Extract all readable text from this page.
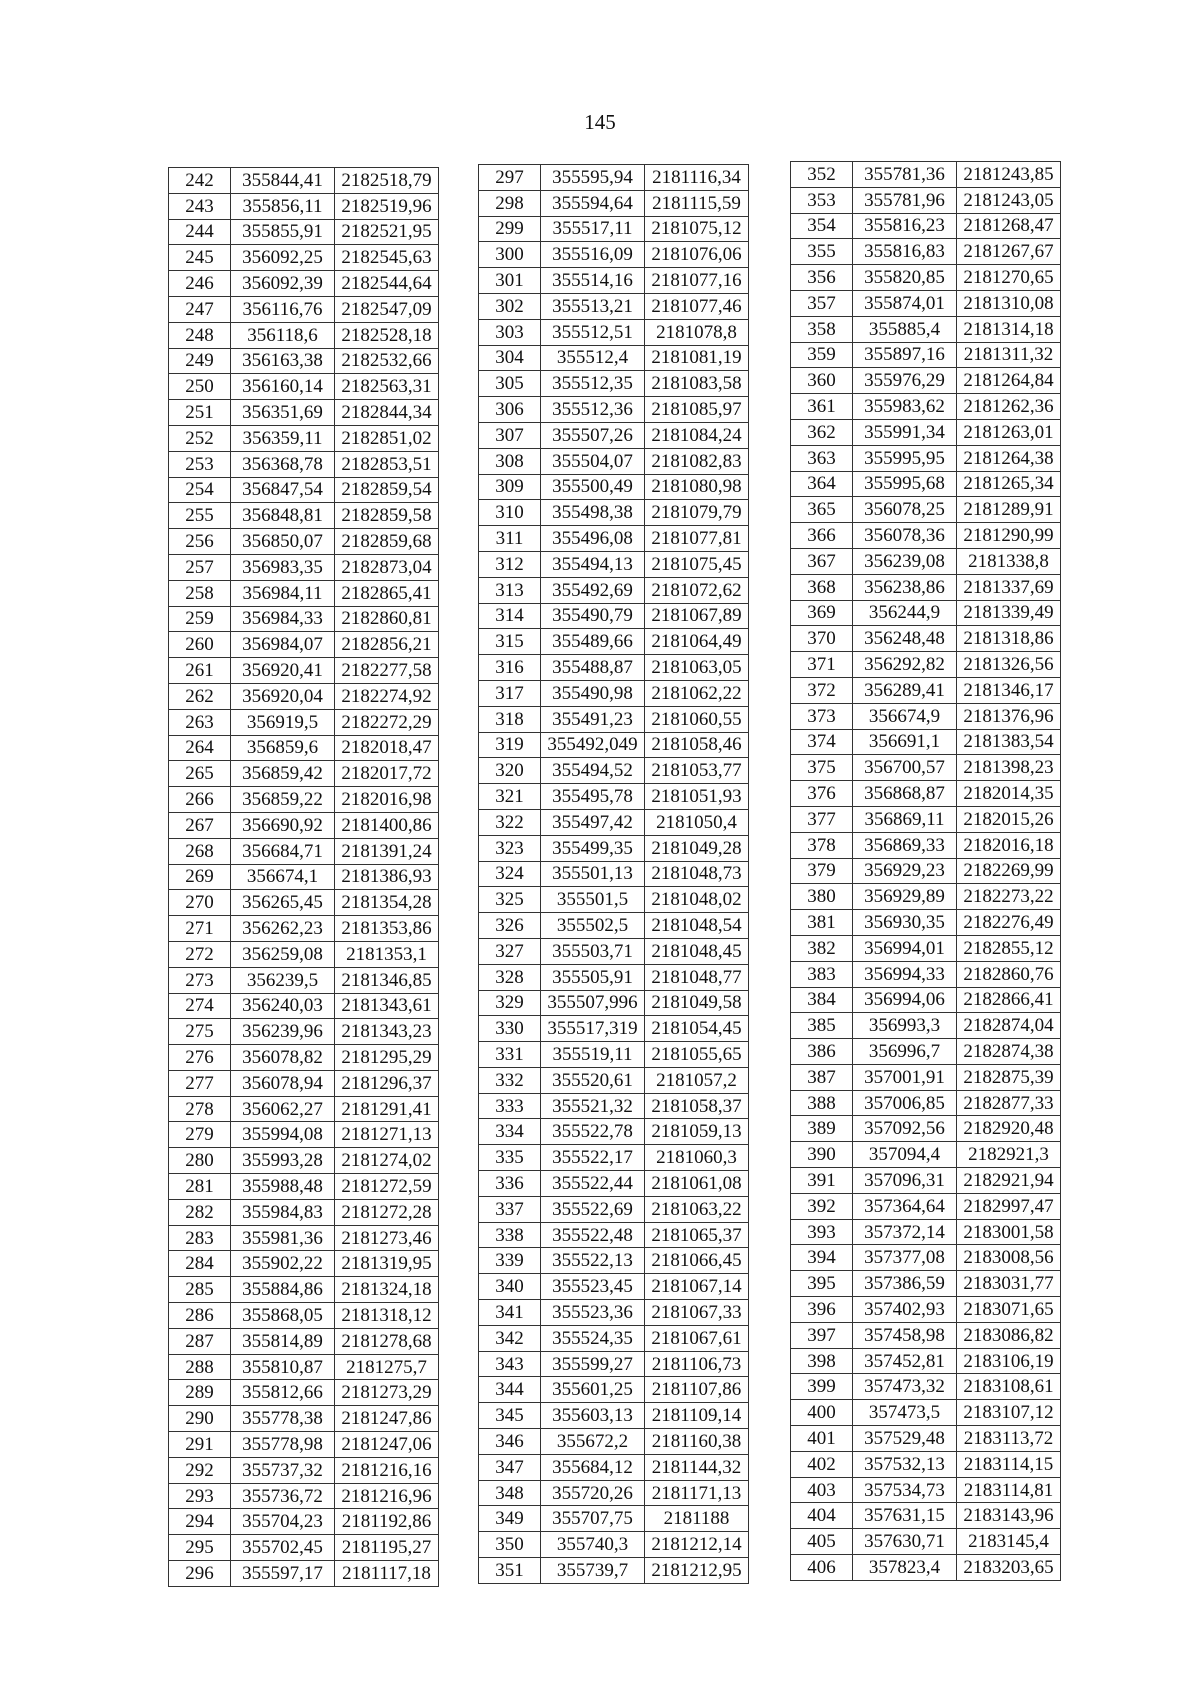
145
242	355844,41	2182518,79
243	355856,11	2182519,96
244	355855,91	2182521,95
245	356092,25	2182545,63
246	356092,39	2182544,64
247	356116,76	2182547,09
248	356118,6	2182528,18
249	356163,38	2182532,66
250	356160,14	2182563,31
251	356351,69	2182844,34
252	356359,11	2182851,02
253	356368,78	2182853,51
254	356847,54	2182859,54
255	356848,81	2182859,58
256	356850,07	2182859,68
257	356983,35	2182873,04
258	356984,11	2182865,41
259	356984,33	2182860,81
260	356984,07	2182856,21
261	356920,41	2182277,58
262	356920,04	2182274,92
263	356919,5	2182272,29
264	356859,6	2182018,47
265	356859,42	2182017,72
266	356859,22	2182016,98
267	356690,92	2181400,86
268	356684,71	2181391,24
269	356674,1	2181386,93
270	356265,45	2181354,28
271	356262,23	2181353,86
272	356259,08	2181353,1
273	356239,5	2181346,85
274	356240,03	2181343,61
275	356239,96	2181343,23
276	356078,82	2181295,29
277	356078,94	2181296,37
278	356062,27	2181291,41
279	355994,08	2181271,13
280	355993,28	2181274,02
281	355988,48	2181272,59
282	355984,83	2181272,28
283	355981,36	2181273,46
284	355902,22	2181319,95
285	355884,86	2181324,18
286	355868,05	2181318,12
287	355814,89	2181278,68
288	355810,87	2181275,7
289	355812,66	2181273,29
290	355778,38	2181247,86
291	355778,98	2181247,06
292	355737,32	2181216,16
293	355736,72	2181216,96
294	355704,23	2181192,86
295	355702,45	2181195,27
296	355597,17	2181117,18
297	355595,94	2181116,34
298	355594,64	2181115,59
299	355517,11	2181075,12
300	355516,09	2181076,06
301	355514,16	2181077,16
302	355513,21	2181077,46
303	355512,51	2181078,8
304	355512,4	2181081,19
305	355512,35	2181083,58
306	355512,36	2181085,97
307	355507,26	2181084,24
308	355504,07	2181082,83
309	355500,49	2181080,98
310	355498,38	2181079,79
311	355496,08	2181077,81
312	355494,13	2181075,45
313	355492,69	2181072,62
314	355490,79	2181067,89
315	355489,66	2181064,49
316	355488,87	2181063,05
317	355490,98	2181062,22
318	355491,23	2181060,55
319	355492,049	2181058,46
320	355494,52	2181053,77
321	355495,78	2181051,93
322	355497,42	2181050,4
323	355499,35	2181049,28
324	355501,13	2181048,73
325	355501,5	2181048,02
326	355502,5	2181048,54
327	355503,71	2181048,45
328	355505,91	2181048,77
329	355507,996	2181049,58
330	355517,319	2181054,45
331	355519,11	2181055,65
332	355520,61	2181057,2
333	355521,32	2181058,37
334	355522,78	2181059,13
335	355522,17	2181060,3
336	355522,44	2181061,08
337	355522,69	2181063,22
338	355522,48	2181065,37
339	355522,13	2181066,45
340	355523,45	2181067,14
341	355523,36	2181067,33
342	355524,35	2181067,61
343	355599,27	2181106,73
344	355601,25	2181107,86
345	355603,13	2181109,14
346	355672,2	2181160,38
347	355684,12	2181144,32
348	355720,26	2181171,13
349	355707,75	2181188
350	355740,3	2181212,14
351	355739,7	2181212,95
352	355781,36	2181243,85
353	355781,96	2181243,05
354	355816,23	2181268,47
355	355816,83	2181267,67
356	355820,85	2181270,65
357	355874,01	2181310,08
358	355885,4	2181314,18
359	355897,16	2181311,32
360	355976,29	2181264,84
361	355983,62	2181262,36
362	355991,34	2181263,01
363	355995,95	2181264,38
364	355995,68	2181265,34
365	356078,25	2181289,91
366	356078,36	2181290,99
367	356239,08	2181338,8
368	356238,86	2181337,69
369	356244,9	2181339,49
370	356248,48	2181318,86
371	356292,82	2181326,56
372	356289,41	2181346,17
373	356674,9	2181376,96
374	356691,1	2181383,54
375	356700,57	2181398,23
376	356868,87	2182014,35
377	356869,11	2182015,26
378	356869,33	2182016,18
379	356929,23	2182269,99
380	356929,89	2182273,22
381	356930,35	2182276,49
382	356994,01	2182855,12
383	356994,33	2182860,76
384	356994,06	2182866,41
385	356993,3	2182874,04
386	356996,7	2182874,38
387	357001,91	2182875,39
388	357006,85	2182877,33
389	357092,56	2182920,48
390	357094,4	2182921,3
391	357096,31	2182921,94
392	357364,64	2182997,47
393	357372,14	2183001,58
394	357377,08	2183008,56
395	357386,59	2183031,77
396	357402,93	2183071,65
397	357458,98	2183086,82
398	357452,81	2183106,19
399	357473,32	2183108,61
400	357473,5	2183107,12
401	357529,48	2183113,72
402	357532,13	2183114,15
403	357534,73	2183114,81
404	357631,15	2183143,96
405	357630,71	2183145,4
406	357823,4	2183203,65
